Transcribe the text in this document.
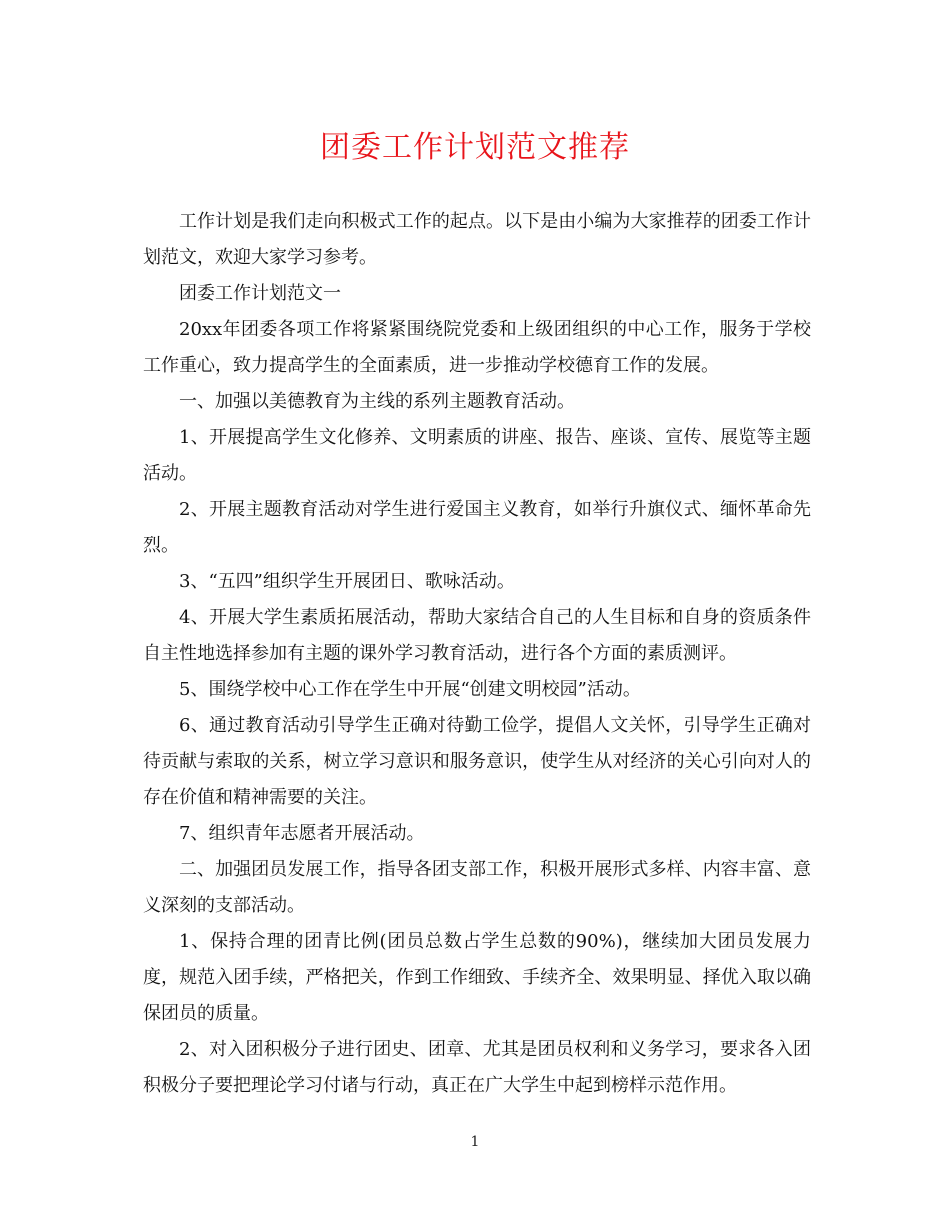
团委工作计划范文推荐

工作计划是我们走向积极式工作的起点。以下是由小编为大家推荐的团委工作计划范文，欢迎大家学习参考。

团委工作计划范文一

20xx年团委各项工作将紧紧围绕院党委和上级团组织的中心工作，服务于学校工作重心，致力提高学生的全面素质，进一步推动学校德育工作的发展。

一、加强以美德教育为主线的系列主题教育活动。

1、开展提高学生文化修养、文明素质的讲座、报告、座谈、宣传、展览等主题活动。

2、开展主题教育活动对学生进行爱国主义教育，如举行升旗仪式、缅怀革命先烈。

3、“五四”组织学生开展团日、歌咏活动。

4、开展大学生素质拓展活动，帮助大家结合自己的人生目标和自身的资质条件自主性地选择参加有主题的课外学习教育活动，进行各个方面的素质测评。

5、围绕学校中心工作在学生中开展“创建文明校园”活动。

6、通过教育活动引导学生正确对待勤工俭学，提倡人文关怀，引导学生正确对待贡献与索取的关系，树立学习意识和服务意识，使学生从对经济的关心引向对人的存在价值和精神需要的关注。

7、组织青年志愿者开展活动。

二、加强团员发展工作，指导各团支部工作，积极开展形式多样、内容丰富、意义深刻的支部活动。

1、保持合理的团青比例(团员总数占学生总数的90%)，继续加大团员发展力度，规范入团手续，严格把关，作到工作细致、手续齐全、效果明显、择优入取以确保团员的质量。

2、对入团积极分子进行团史、团章、尤其是团员权利和义务学习，要求各入团积极分子要把理论学习付诸与行动，真正在广大学生中起到榜样示范作用。

1
